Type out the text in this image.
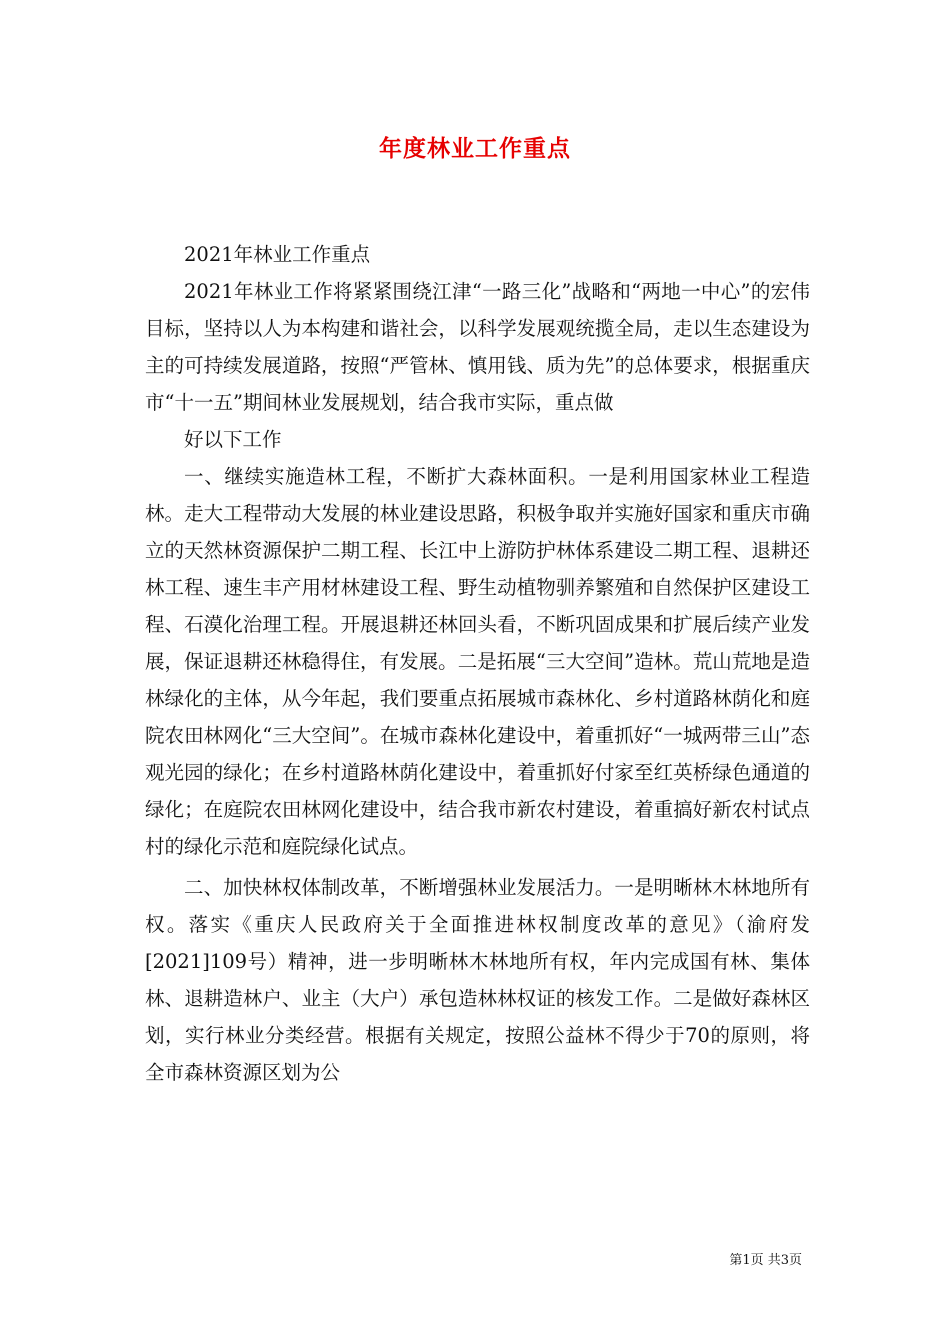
年度林业工作重点

2021年林业工作重点

2021年林业工作将紧紧围绕江津“一路三化”战略和“两地一中心”的宏伟目标，坚持以人为本构建和谐社会，以科学发展观统揽全局，走以生态建设为主的可持续发展道路，按照“严管林、慎用钱、质为先”的总体要求，根据重庆市“十一五”期间林业发展规划，结合我市实际，重点做

好以下工作

一、继续实施造林工程，不断扩大森林面积。一是利用国家林业工程造林。走大工程带动大发展的林业建设思路，积极争取并实施好国家和重庆市确立的天然林资源保护二期工程、长江中上游防护林体系建设二期工程、退耕还林工程、速生丰产用材林建设工程、野生动植物驯养繁殖和自然保护区建设工程、石漠化治理工程。开展退耕还林回头看，不断巩固成果和扩展后续产业发展，保证退耕还林稳得住，有发展。二是拓展“三大空间”造林。荒山荒地是造林绿化的主体，从今年起，我们要重点拓展城市森林化、乡村道路林荫化和庭院农田林网化“三大空间”。在城市森林化建设中，着重抓好“一城两带三山”态观光园的绿化；在乡村道路林荫化建设中，着重抓好付家至红英桥绿色通道的绿化；在庭院农田林网化建设中，结合我市新农村建设，着重搞好新农村试点村的绿化示范和庭院绿化试点。

二、加快林权体制改革，不断增强林业发展活力。一是明晰林木林地所有权。落实《重庆人民政府关于全面推进林权制度改革的意见》（渝府发[2021]109号）精神，进一步明晰林木林地所有权，年内完成国有林、集体林、退耕造林户、业主（大户）承包造林林权证的核发工作。二是做好森林区划，实行林业分类经营。根据有关规定，按照公益林不得少于70的原则，将全市森林资源区划为公

第1页 共3页
